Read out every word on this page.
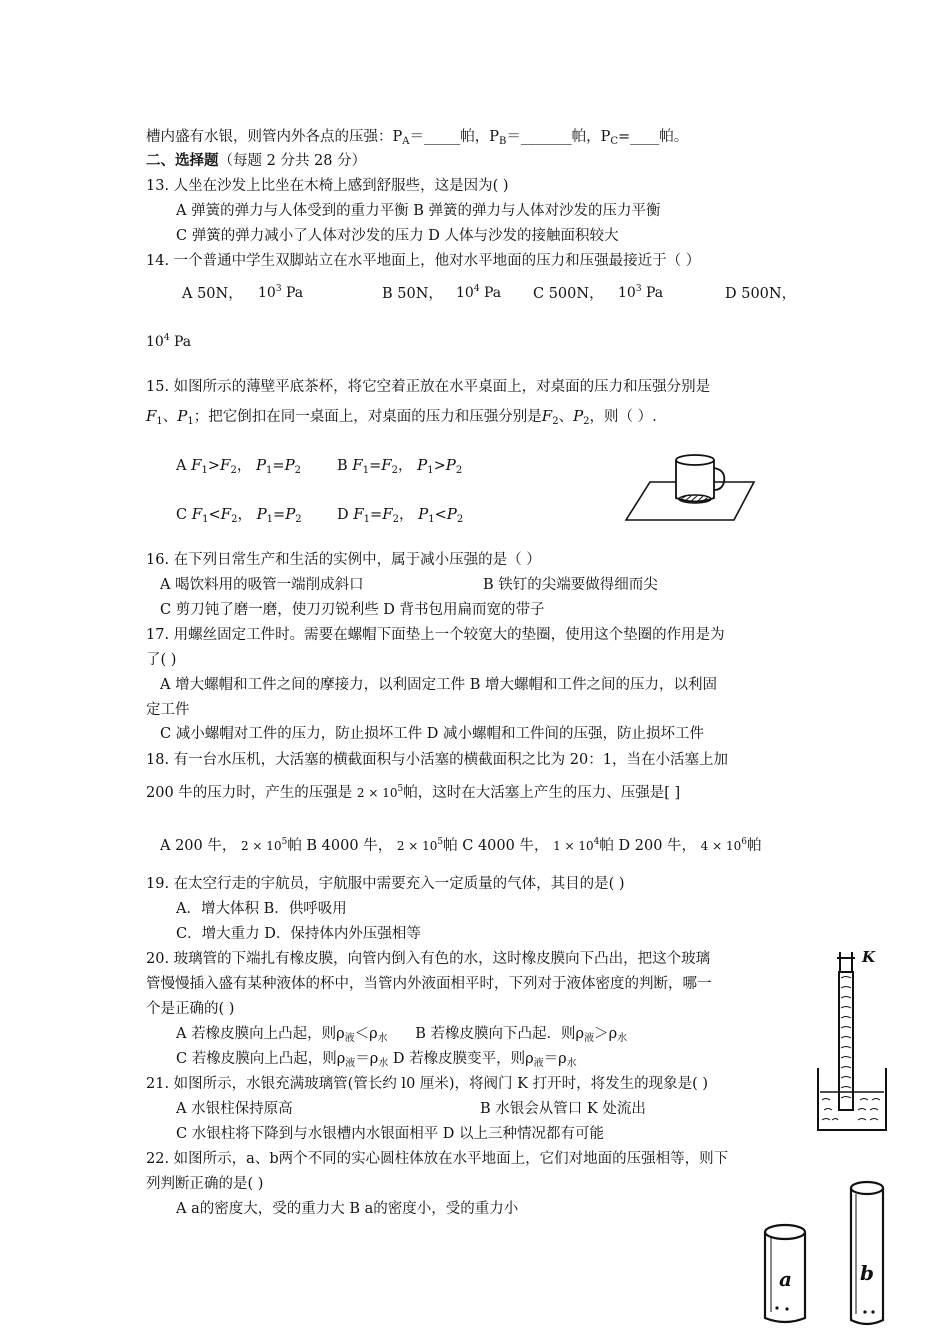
槽内盛有水银，则管内外各点的压强：$P_A=\_\_\_\_\_$帕，$P_B=\_\_\_\_\_\_\_$帕，$P_C=\_\_\_\_$帕。
二、选择题（每题 2 分共 28 分）
13. 人坐在沙发上比坐在木椅上感到舒服些，这是因为( )
A 弹簧的弹力与人体受到的重力平衡 B 弹簧的弹力与人体对沙发的压力平衡
C 弹簧的弹力减小了人体对沙发的压力 D 人体与沙发的接触面积较大
14. 一个普通中学生双脚站立在水平地面上，他对水平地面的压力和压强最接近于（ ）
A 50N， $10^3$ Pa	B 50N， $10^4$ Pa C 500N， $10^3$ Pa	D 500N，
$10^4$ Pa
15. 如图所示的薄壁平底茶杯，将它空着正放在水平桌面上，对桌面的压力和压强分别是
$F_1$、$P_1$；把它倒扣在同一桌面上，对桌面的压力和压强分别是$F_2$、$P_2$，则（ ）.
A $F_1>F_2$， $P_1=P_2$ B $F_1=F_2$， $P_1>P_2$
C $F_1<F_2$， $P_1=P_2$ D $F_1=F_2$， $P_1<P_2$
16. 在下列日常生产和生活的实例中，属于减小压强的是（ ）
A 喝饮料用的吸管一端削成斜口	B 铁钉的尖端要做得细而尖
C 剪刀钝了磨一磨，使刀刃锐利些 D 背书包用扁而宽的带子
17. 用螺丝固定工件时。需要在螺帽下面垫上一个较宽大的垫圈，使用这个垫圈的作用是为
了( )
A 增大螺帽和工件之间的摩接力，以利固定工件 B 增大螺帽和工件之间的压力，以利固
定工件
C 减小螺帽对工件的压力，防止损坏工件 D 减小螺帽和工件间的压强，防止损坏工件
18. 有一台水压机，大活塞的横截面积与小活塞的横截面积之比为 20：1，当在小活塞上加
200 牛的压力时，产生的压强是 $2 \times 10^5$帕，这时在大活塞上产生的压力、压强是[ ]
A 200 牛， $2 \times 10^5$帕 B 4000 牛， $2 \times 10^5$帕 C 4000 牛， $1 \times 10^4$帕 D 200 牛， $4 \times 10^6$帕
19. 在太空行走的宇航员，宇航服中需要充入一定质量的气体，其目的是( )
A．增大体积 B．供呼吸用
C．增大重力 D．保持体内外压强相等
20. 玻璃管的下端扎有橡皮膜，向管内倒入有色的水，这时橡皮膜向下凸出，把这个玻璃
管慢慢插入盛有某种液体的杯中，当管内外液面相平时，下列对于液体密度的判断，哪一
个是正确的( )
A 若橡皮膜向上凸起，则$\rho_液<\rho_水$ B 若橡皮膜向下凸起．则$\rho_液>\rho_水$
C 若橡皮膜向上凸起，则$\rho_液=\rho_水$ D 若橡皮膜变平，则$\rho_液=\rho_水$
21. 如图所示，水银充满玻璃管(管长约 l0 厘米)，将阀门 K 打开时，将发生的现象是( )
A 水银柱保持原高	B 水银会从管口 K 处流出
C 水银柱将下降到与水银槽内水银面相平 D 以上三种情况都有可能
K
22. 如图所示，a、b两个不同的实心圆柱体放在水平地面上，它们对地面的压强相等，则下
列判断正确的是( )
A a的密度大，受的重力大 B a的密度小，受的重力小
a	b
